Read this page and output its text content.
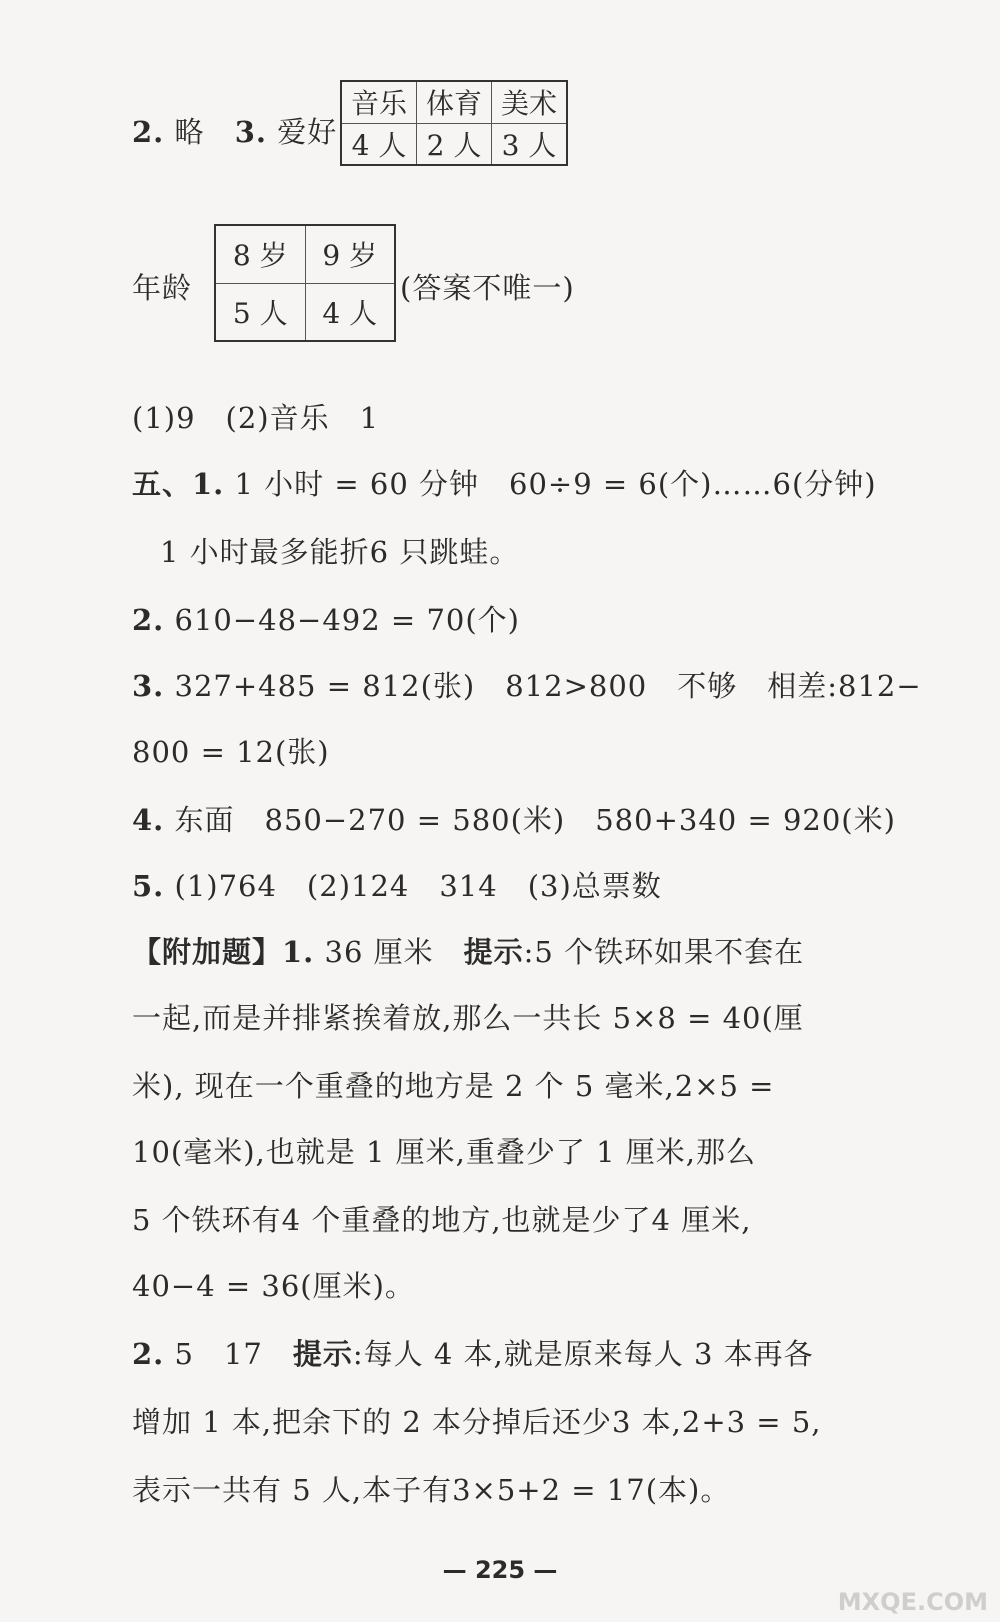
2. 略 3. 爱好
音乐	体育	美术
4 人	2 人	3 人
年龄
8 岁	9 岁
5 人	4 人
(答案不唯一)
(1)9　(2)音乐　1
五、1. 1 小时 = 60 分钟　60÷9 = 6(个)……6(分钟)
1 小时最多能折6 只跳蛙。
2. 610−48−492 = 70(个)
3. 327+485 = 812(张)　812>800　不够　相差:812−
800 = 12(张)
4. 东面　850−270 = 580(米)　580+340 = 920(米)
5. (1)764　(2)124　314　(3)总票数
【附加题】1. 36 厘米　提示:5 个铁环如果不套在
一起,而是并排紧挨着放,那么一共长 5×8 = 40(厘
米), 现在一个重叠的地方是 2 个 5 毫米,2×5 =
10(毫米),也就是 1 厘米,重叠少了 1 厘米,那么
5 个铁环有4 个重叠的地方,也就是少了4 厘米,
40−4 = 36(厘米)。
2. 5　17　提示:每人 4 本,就是原来每人 3 本再各
增加 1 本,把余下的 2 本分掉后还少3 本,2+3 = 5,
表示一共有 5 人,本子有3×5+2 = 17(本)。
— 225 —
MXQE.COM
